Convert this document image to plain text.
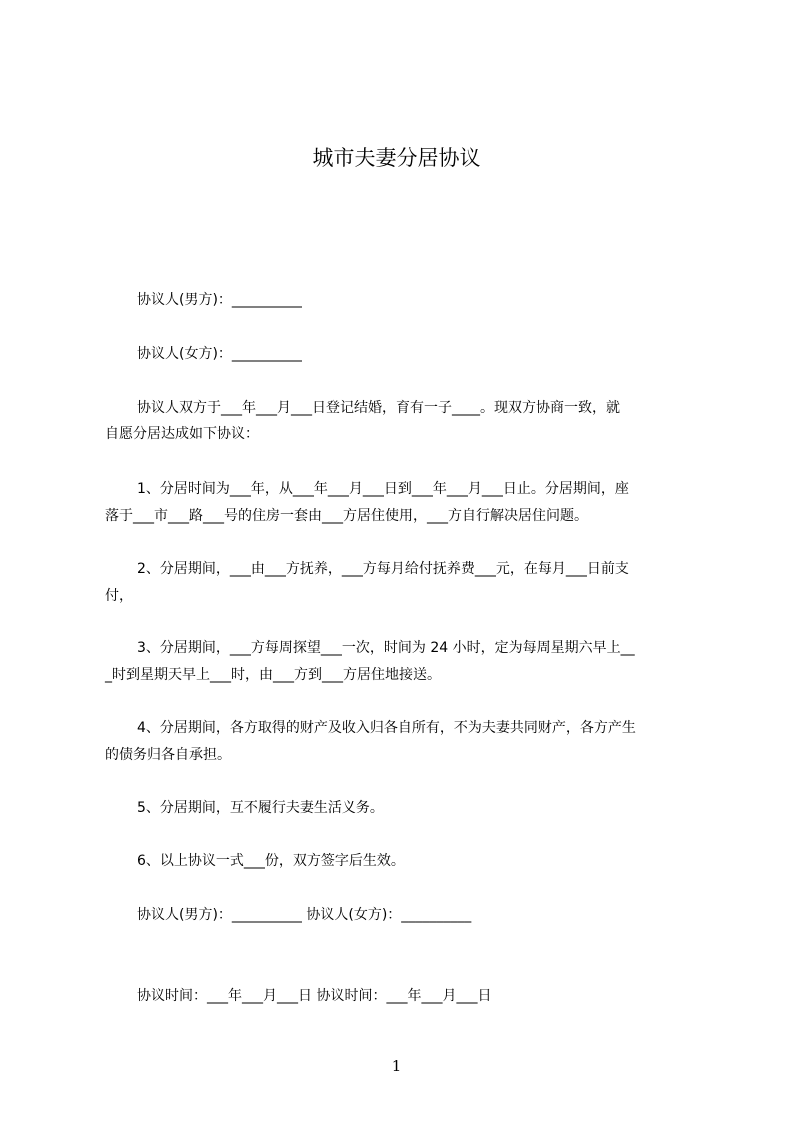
城市夫妻分居协议

协议人(男方)：__________

协议人(女方)：__________

协议人双方于___年___月___日登记结婚，育有一子____。现双方协商一致，就

自愿分居达成如下协议：

1、分居时间为___年，从___年___月___日到___年___月___日止。分居期间，座

落于___市___路___号的住房一套由___方居住使用，___方自行解决居住问题。

2、分居期间，___由___方抚养，___方每月给付抚养费___元，在每月___日前支

付，

3、分居期间，___方每周探望___一次，时间为 24 小时，定为每周星期六早上__

_时到星期天早上___时，由___方到___方居住地接送。

4、分居期间，各方取得的财产及收入归各自所有，不为夫妻共同财产，各方产生

的债务归各自承担。

5、分居期间，互不履行夫妻生活义务。

6、以上协议一式___份，双方签字后生效。

协议人(男方)：__________ 协议人(女方)：__________

协议时间：___年___月___日 协议时间：___年___月___日

1
